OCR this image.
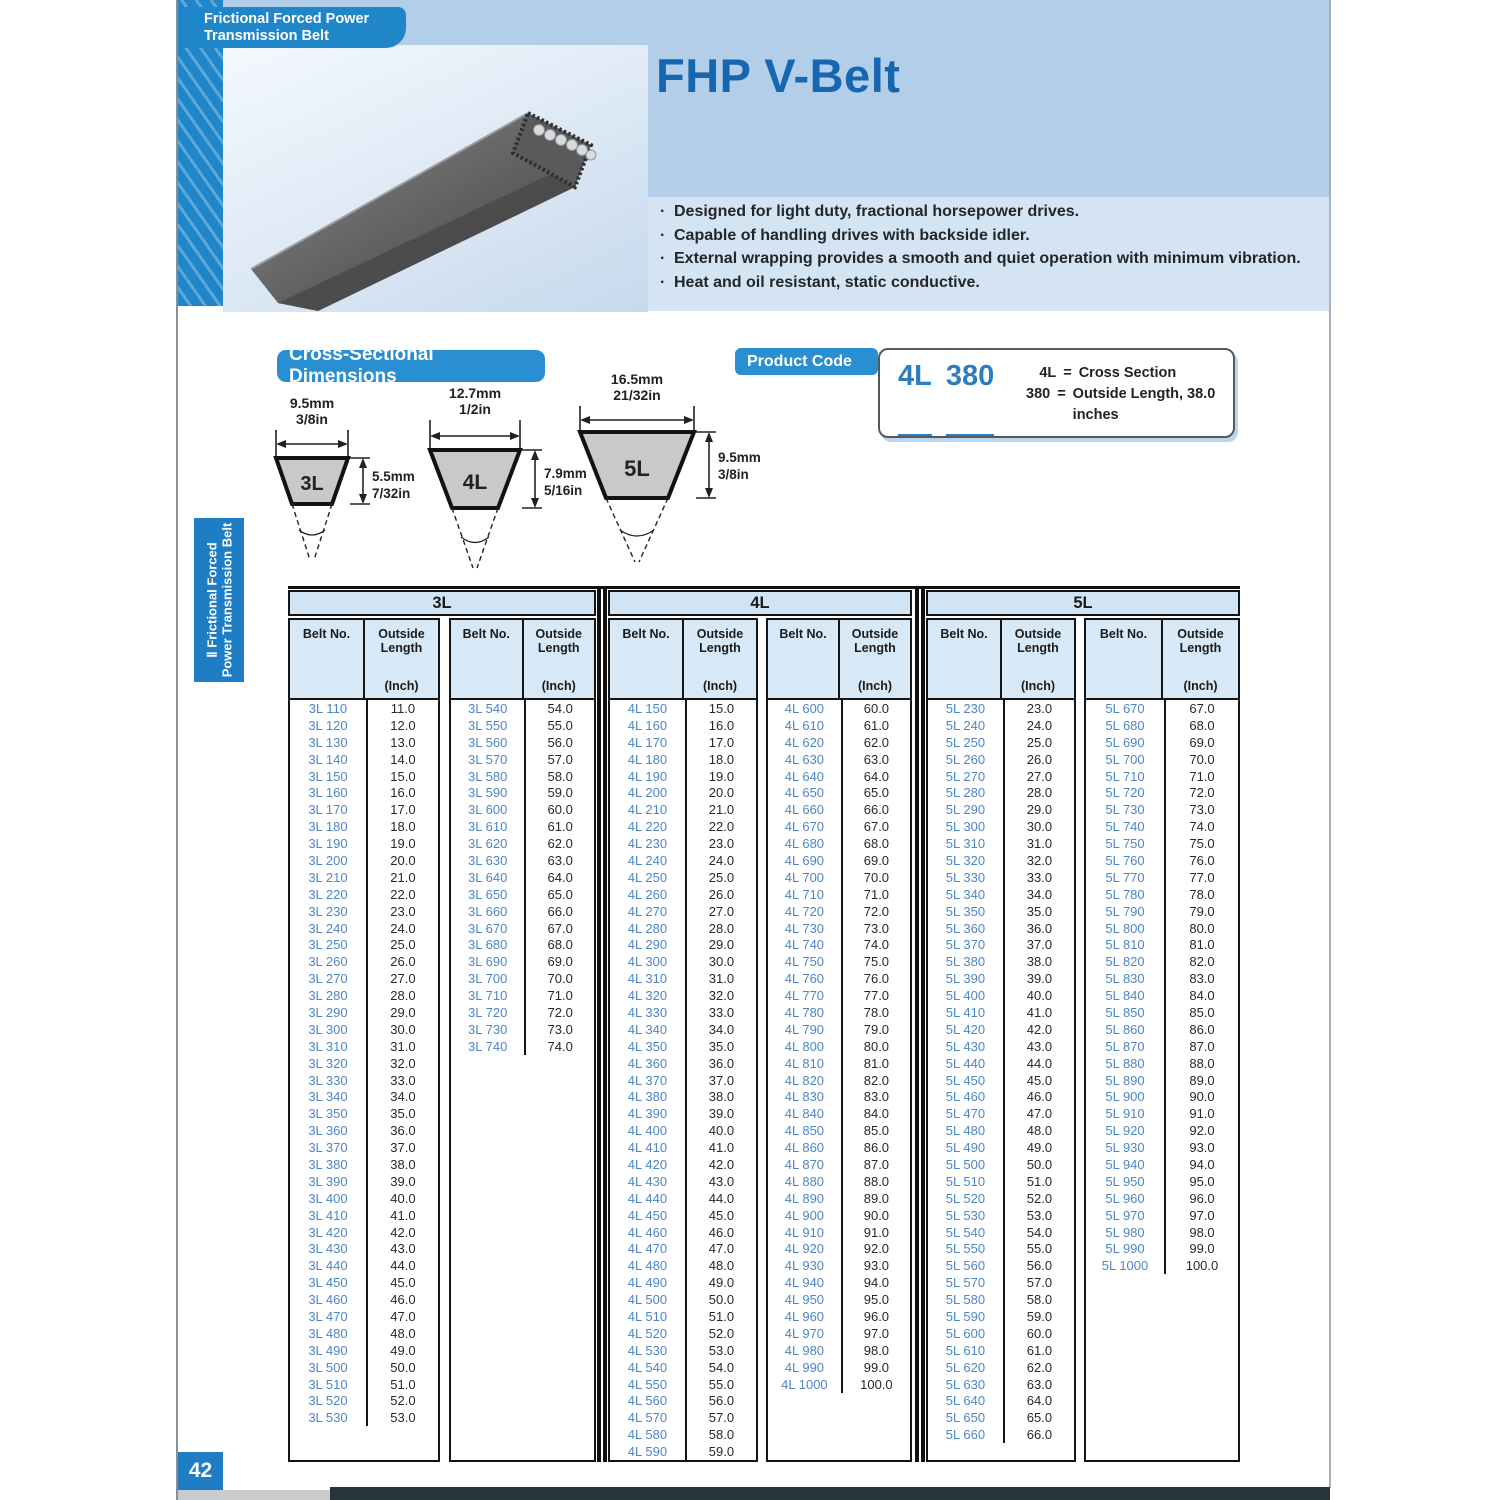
Frictional Forced Power
Transmission Belt
FHP V-Belt
·
Designed for light duty, fractional horsepower drives.
·
Capable of handling drives with backside idler.
·
External wrapping provides a smooth and quiet operation with minimum vibration.
·
Heat and oil resistant, static conductive.
Ⅱ Frictional Forced Power Transmission Belt
42
Cross-Sectional Dimensions
9.5mm
3/8in
3L	5.5mm
7/32in
12.7mm
1/2in
4L	7.9mm
5/16in
16.5mm
21/32in
5L	9.5mm
3/8in
Product Code	4L 380	4L = Cross Section
380 = Outside Length, 38.0 inches
3L	4L	5L
Belt No.	Outside Length
(Inch)
3L 110	11.0
3L 120	12.0
3L 130	13.0
3L 140	14.0
3L 150	15.0
3L 160	16.0
3L 170	17.0
3L 180	18.0
3L 190	19.0
3L 200	20.0
3L 210	21.0
3L 220	22.0
3L 230	23.0
3L 240	24.0
3L 250	25.0
3L 260	26.0
3L 270	27.0
3L 280	28.0
3L 290	29.0
3L 300	30.0
3L 310	31.0
3L 320	32.0
3L 330	33.0
3L 340	34.0
3L 350	35.0
3L 360	36.0
3L 370	37.0
3L 380	38.0
3L 390	39.0
3L 400	40.0
3L 410	41.0
3L 420	42.0
3L 430	43.0
3L 440	44.0
3L 450	45.0
3L 460	46.0
3L 470	47.0
3L 480	48.0
3L 490	49.0
3L 500	50.0
3L 510	51.0
3L 520	52.0
3L 530	53.0
Belt No.	Outside Length
(Inch)
3L 540	54.0
3L 550	55.0
3L 560	56.0
3L 570	57.0
3L 580	58.0
3L 590	59.0
3L 600	60.0
3L 610	61.0
3L 620	62.0
3L 630	63.0
3L 640	64.0
3L 650	65.0
3L 660	66.0
3L 670	67.0
3L 680	68.0
3L 690	69.0
3L 700	70.0
3L 710	71.0
3L 720	72.0
3L 730	73.0
3L 740	74.0
Belt No.	Outside Length
(Inch)
4L 150	15.0
4L 160	16.0
4L 170	17.0
4L 180	18.0
4L 190	19.0
4L 200	20.0
4L 210	21.0
4L 220	22.0
4L 230	23.0
4L 240	24.0
4L 250	25.0
4L 260	26.0
4L 270	27.0
4L 280	28.0
4L 290	29.0
4L 300	30.0
4L 310	31.0
4L 320	32.0
4L 330	33.0
4L 340	34.0
4L 350	35.0
4L 360	36.0
4L 370	37.0
4L 380	38.0
4L 390	39.0
4L 400	40.0
4L 410	41.0
4L 420	42.0
4L 430	43.0
4L 440	44.0
4L 450	45.0
4L 460	46.0
4L 470	47.0
4L 480	48.0
4L 490	49.0
4L 500	50.0
4L 510	51.0
4L 520	52.0
4L 530	53.0
4L 540	54.0
4L 550	55.0
4L 560	56.0
4L 570	57.0
4L 580	58.0
4L 590	59.0
Belt No.	Outside Length
(Inch)
4L 600	60.0
4L 610	61.0
4L 620	62.0
4L 630	63.0
4L 640	64.0
4L 650	65.0
4L 660	66.0
4L 670	67.0
4L 680	68.0
4L 690	69.0
4L 700	70.0
4L 710	71.0
4L 720	72.0
4L 730	73.0
4L 740	74.0
4L 750	75.0
4L 760	76.0
4L 770	77.0
4L 780	78.0
4L 790	79.0
4L 800	80.0
4L 810	81.0
4L 820	82.0
4L 830	83.0
4L 840	84.0
4L 850	85.0
4L 860	86.0
4L 870	87.0
4L 880	88.0
4L 890	89.0
4L 900	90.0
4L 910	91.0
4L 920	92.0
4L 930	93.0
4L 940	94.0
4L 950	95.0
4L 960	96.0
4L 970	97.0
4L 980	98.0
4L 990	99.0
4L 1000	100.0
Belt No.	Outside Length
(Inch)
5L 230	23.0
5L 240	24.0
5L 250	25.0
5L 260	26.0
5L 270	27.0
5L 280	28.0
5L 290	29.0
5L 300	30.0
5L 310	31.0
5L 320	32.0
5L 330	33.0
5L 340	34.0
5L 350	35.0
5L 360	36.0
5L 370	37.0
5L 380	38.0
5L 390	39.0
5L 400	40.0
5L 410	41.0
5L 420	42.0
5L 430	43.0
5L 440	44.0
5L 450	45.0
5L 460	46.0
5L 470	47.0
5L 480	48.0
5L 490	49.0
5L 500	50.0
5L 510	51.0
5L 520	52.0
5L 530	53.0
5L 540	54.0
5L 550	55.0
5L 560	56.0
5L 570	57.0
5L 580	58.0
5L 590	59.0
5L 600	60.0
5L 610	61.0
5L 620	62.0
5L 630	63.0
5L 640	64.0
5L 650	65.0
5L 660	66.0
Belt No.	Outside Length
(Inch)
5L 670	67.0
5L 680	68.0
5L 690	69.0
5L 700	70.0
5L 710	71.0
5L 720	72.0
5L 730	73.0
5L 740	74.0
5L 750	75.0
5L 760	76.0
5L 770	77.0
5L 780	78.0
5L 790	79.0
5L 800	80.0
5L 810	81.0
5L 820	82.0
5L 830	83.0
5L 840	84.0
5L 850	85.0
5L 860	86.0
5L 870	87.0
5L 880	88.0
5L 890	89.0
5L 900	90.0
5L 910	91.0
5L 920	92.0
5L 930	93.0
5L 940	94.0
5L 950	95.0
5L 960	96.0
5L 970	97.0
5L 980	98.0
5L 990	99.0
5L 1000	100.0
